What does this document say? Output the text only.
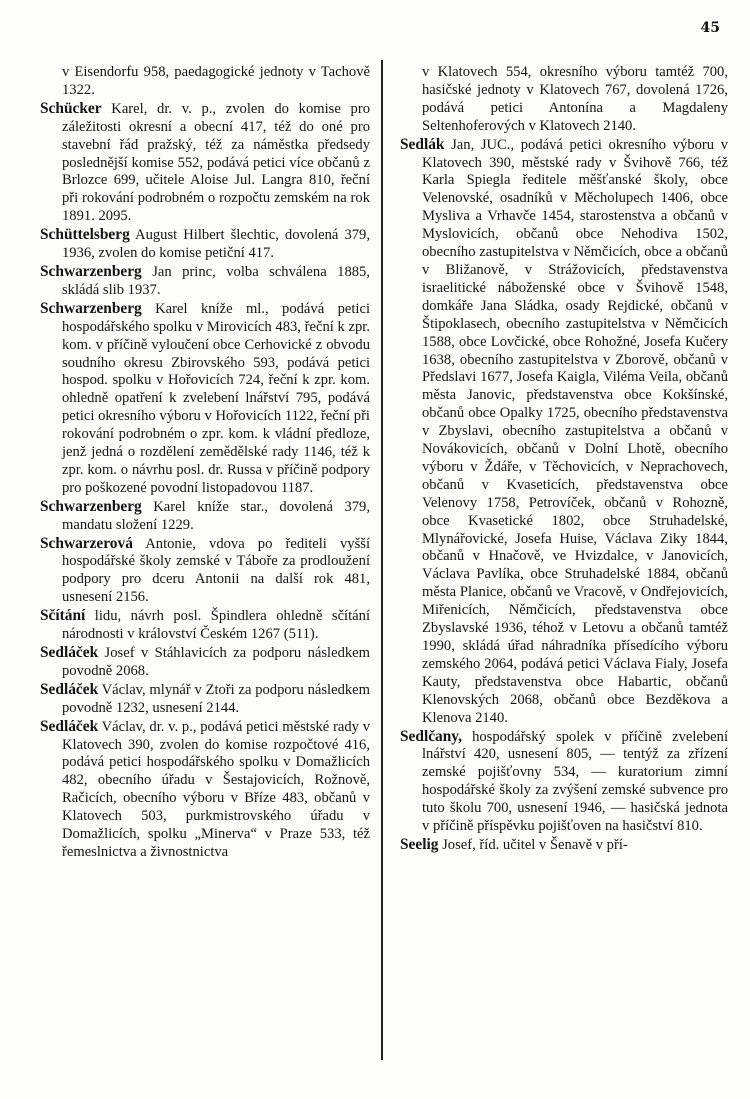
45

v Eisendorfu 958, paedagogické jednoty v Tachově 1322.

Schücker Karel, dr. v. p., zvolen do komise pro záležitosti okresní a obecní 417, též do oné pro stavební řád pražský, též za náměstka předsedy poslednější komise 552, podává petici více občanů z Brlozce 699, učitele Aloise Jul. Langra 810, řeční při rokování podrobném o rozpočtu zemském na rok 1891. 2095.

Schüttelsberg August Hilbert šlechtic, dovolená 379, 1936, zvolen do komise petiční 417.

Schwarzenberg Jan princ, volba schválena 1885, skládá slib 1937.

Schwarzenberg Karel kníže ml., podává petici hospodářského spolku v Mirovicích 483, řeční k zpr. kom. v příčině vyloučení obce Cerhovické z obvodu soudního okresu Zbirovského 593, podává petici hospod. spolku v Hořovicích 724, řeční k zpr. kom. ohledně opatření k zvelebení lnářství 795, podává petici okresního výboru v Hořovicích 1122, řeční při rokování podrobném o zpr. kom. k vládní předloze, jenž jedná o rozdělení zemědělské rady 1146, též k zpr. kom. o návrhu posl. dr. Russa v příčině podpory pro poškozené povodní listopadovou 1187.

Schwarzenberg Karel kníže star., dovolená 379, mandatu složení 1229.

Schwarzerová Antonie, vdova po řediteli vyšší hospodářské školy zemské v Táboře za prodloužení podpory pro dceru Antonii na další rok 481, usnesení 2156.

Sčítání lidu, návrh posl. Špindlera ohledně sčítání národnosti v království Českém 1267 (511).

Sedláček Josef v Stáhlavicích za podporu následkem povodně 2068.

Sedláček Václav, mlynář v Ztoři za podporu následkem povodně 1232, usnesení 2144.

Sedláček Václav, dr. v. p., podává petici městské rady v Klatovech 390, zvolen do komise rozpočtové 416, podává petici hospodářského spolku v Domažlicích 482, obecního úřadu v Šestajovicích, Rožnově, Račicích, obecního výboru v Bříze 483, občanů v Klatovech 503, purkmistrovského úřadu v Domažlicích, spolku „Minerva“ v Praze 533, též řemeslnictva a živnostnictva

v Klatovech 554, okresního výboru tamtéž 700, hasičské jednoty v Klatovech 767, dovolená 1726, podává petici Antonína a Magdaleny Seltenhoferových v Klatovech 2140.

Sedlák Jan, JUC., podává petici okresního výboru v Klatovech 390, městské rady v Švihově 766, též Karla Spiegla ředitele měšťanské školy, obce Velenovské, osadníků v Měcholupech 1406, obce Mysliva a Vrhavče 1454, starostenstva a občanů v Myslovicích, občanů obce Nehodiva 1502, obecního zastupitelstva v Němčicích, obce a občanů v Bližanově, v Strážovicích, představenstva israelitické náboženské obce v Švihově 1548, domkáře Jana Sládka, osady Rejdické, občanů v Štipoklasech, obecního zastupitelstva v Němčicích 1588, obce Lovčické, obce Rohožné, Josefa Kučery 1638, obecního zastupitelstva v Zborově, občanů v Předslavi 1677, Josefa Kaigla, Viléma Veila, občanů města Janovic, představenstva obce Kokšínské, občanů obce Opalky 1725, obecního představenstva v Zbyslavi, obecního zastupitelstva a občanů v Novákovicích, občanů v Dolní Lhotě, obecního výboru v Ždáře, v Těchovicích, v Neprachovech, občanů v Kvaseticích, představenstva obce Velenovy 1758, Petrovíček, občanů v Rohozně, obce Kvasetické 1802, obce Struhadelské, Mlynářovické, Josefa Huise, Václava Ziky 1844, občanů v Hnačově, ve Hvizdalce, v Janovicích, Václava Pavlíka, obce Struhadelské 1884, občanů města Planice, občanů ve Vracově, v Ondřejovicích, Miřenicích, Němčicích, představenstva obce Zbyslavské 1936, téhož v Letovu a občanů tamtéž 1990, skládá úřad náhradníka přísedícího výboru zemského 2064, podává petici Václava Fialy, Josefa Kauty, představenstva obce Habartic, občanů Klenovských 2068, občanů obce Bezděkova a Klenova 2140.

Sedlčany, hospodářský spolek v příčině zvelebení lnářství 420, usnesení 805, — tentýž za zřízení zemské pojišťovny 534, — kuratorium zimní hospodářské školy za zvýšení zemské subvence pro tuto školu 700, usnesení 1946, — hasičská jednota v příčině příspěvku pojišťoven na hasičství 810.

Seelig Josef, říd. učitel v Šenavě v pří-
